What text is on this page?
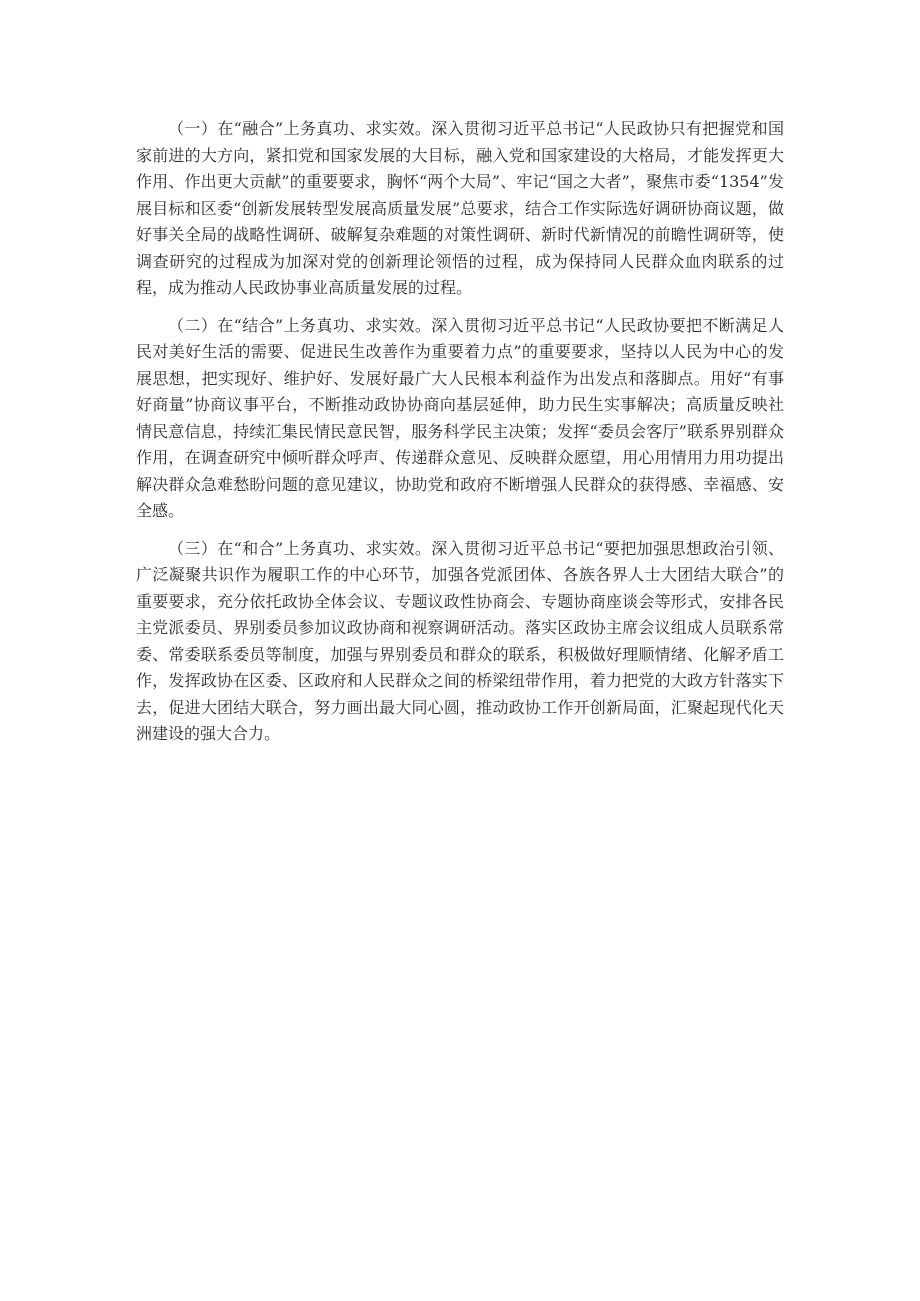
（一）在“融合”上务真功、求实效。深入贯彻习近平总书记“人民政协只有把握党和国家前进的大方向，紧扣党和国家发展的大目标，融入党和国家建设的大格局，才能发挥更大作用、作出更大贡献”的重要要求，胸怀“两个大局”、牢记“国之大者”，聚焦市委“1354”发展目标和区委“创新发展转型发展高质量发展”总要求，结合工作实际选好调研协商议题，做好事关全局的战略性调研、破解复杂难题的对策性调研、新时代新情况的前瞻性调研等，使调查研究的过程成为加深对党的创新理论领悟的过程，成为保持同人民群众血肉联系的过程，成为推动人民政协事业高质量发展的过程。

（二）在“结合”上务真功、求实效。深入贯彻习近平总书记“人民政协要把不断满足人民对美好生活的需要、促进民生改善作为重要着力点”的重要要求，坚持以人民为中心的发展思想，把实现好、维护好、发展好最广大人民根本利益作为出发点和落脚点。用好“有事好商量”协商议事平台，不断推动政协协商向基层延伸，助力民生实事解决；高质量反映社情民意信息，持续汇集民情民意民智，服务科学民主决策；发挥“委员会客厅”联系界别群众作用，在调查研究中倾听群众呼声、传递群众意见、反映群众愿望，用心用情用力用功提出解决群众急难愁盼问题的意见建议，协助党和政府不断增强人民群众的获得感、幸福感、安全感。

（三）在“和合”上务真功、求实效。深入贯彻习近平总书记“要把加强思想政治引领、广泛凝聚共识作为履职工作的中心环节，加强各党派团体、各族各界人士大团结大联合”的重要要求，充分依托政协全体会议、专题议政性协商会、专题协商座谈会等形式，安排各民主党派委员、界别委员参加议政协商和视察调研活动。落实区政协主席会议组成人员联系常委、常委联系委员等制度，加强与界别委员和群众的联系，积极做好理顺情绪、化解矛盾工作，发挥政协在区委、区政府和人民群众之间的桥梁纽带作用，着力把党的大政方针落实下去，促进大团结大联合，努力画出最大同心圆，推动政协工作开创新局面，汇聚起现代化天洲建设的强大合力。
